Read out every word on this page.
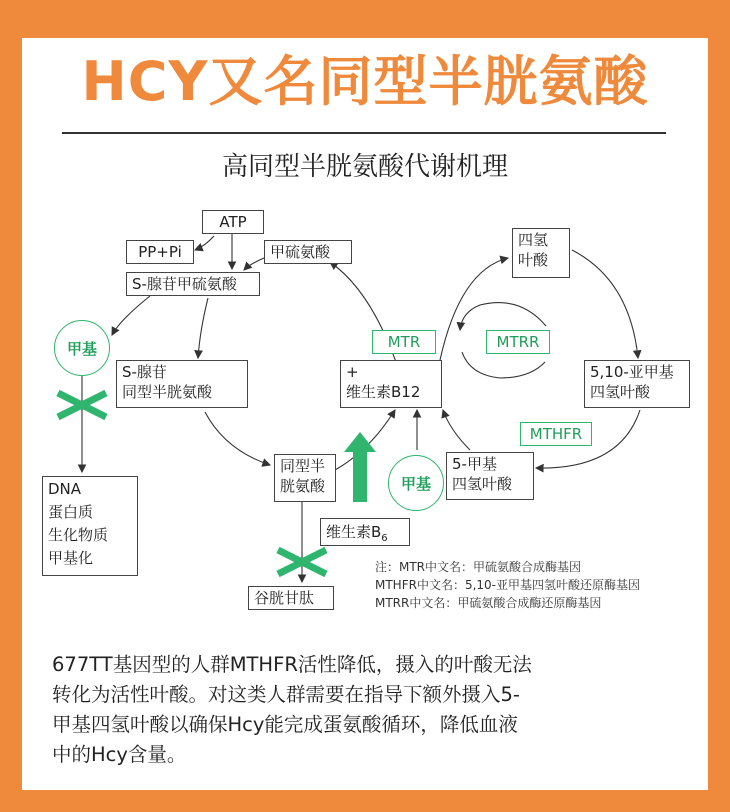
HCY又名同型半胱氨酸
高同型半胱氨酸代谢机理
ATP
PP+Pi
S-腺苷甲硫氨酸
甲硫氨酸
甲基
S-腺苷
同型半胱氨酸
DNA
蛋白质
生化物质
甲基化
同型半
胱氨酸
维生素$B_6$
谷胱甘肽
MTR
+
维生素B12
四氢
叶酸
MTRR
5,10-亚甲基
四氢叶酸
MTHFR
甲基
5-甲基
四氢叶酸
注：MTR中文名：甲硫氨酸合成酶基因
MTHFR中文名：5,10-亚甲基四氢叶酸还原酶基因
MTRR中文名：甲硫氨酸合成酶还原酶基因
677TT基因型的人群MTHFR活性降低，摄入的叶酸无法
转化为活性叶酸。对这类人群需要在指导下额外摄入5-
甲基四氢叶酸以确保Hcy能完成蛋氨酸循环，降低血液
中的Hcy含量。
